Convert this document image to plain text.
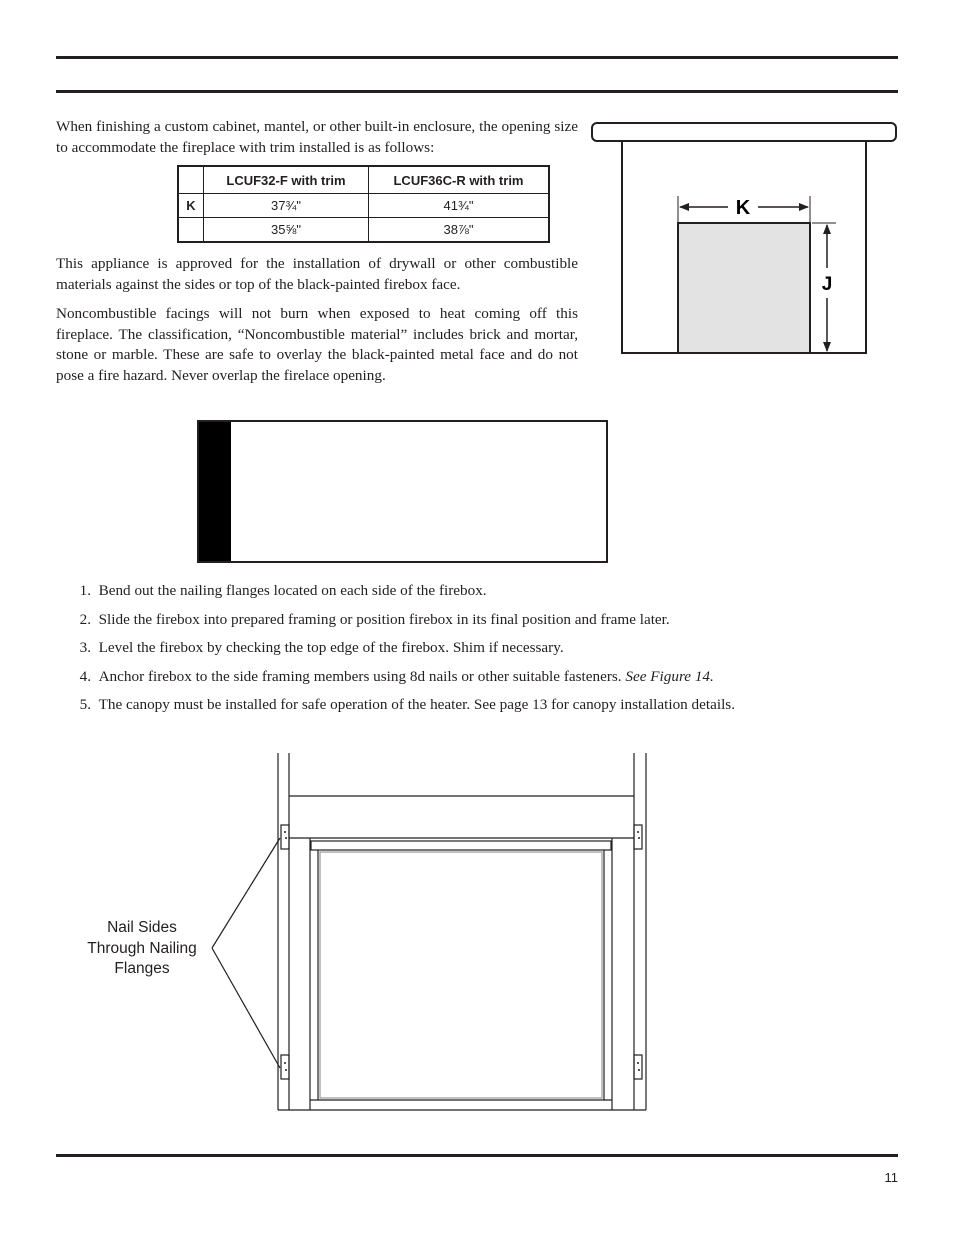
When finishing a custom cabinet, mantel, or other built-in enclosure, the opening size to accommodate the fireplace with trim installed is as follows:

	LCUF32-F with trim	LCUF36C-R with trim
K	37¾"	41¾"
	35⅝"	38⅞"

This appliance is approved for the installation of drywall or other combustible materials against the sides or top of the black-painted firebox face.

Noncombustible facings will not burn when exposed to heat coming off this fireplace. The classification, “Noncombustible material” includes brick and mortar, stone or marble. These are safe to overlay the black-painted metal face and do not pose a fire hazard. Never overlap the firelace opening.

K
J
1. Bend out the nailing flanges located on each side of the firebox.
2. Slide the firebox into prepared framing or position firebox in its final position and frame later.
3. Level the firebox by checking the top edge of the firebox. Shim if necessary.
4. Anchor firebox to the side framing members using 8d nails or other suitable fasteners. See Figure 14.
5. The canopy must be installed for safe operation of the heater. See page 13 for canopy installation details.
Nail Sides
Through Nailing
Flanges
11
